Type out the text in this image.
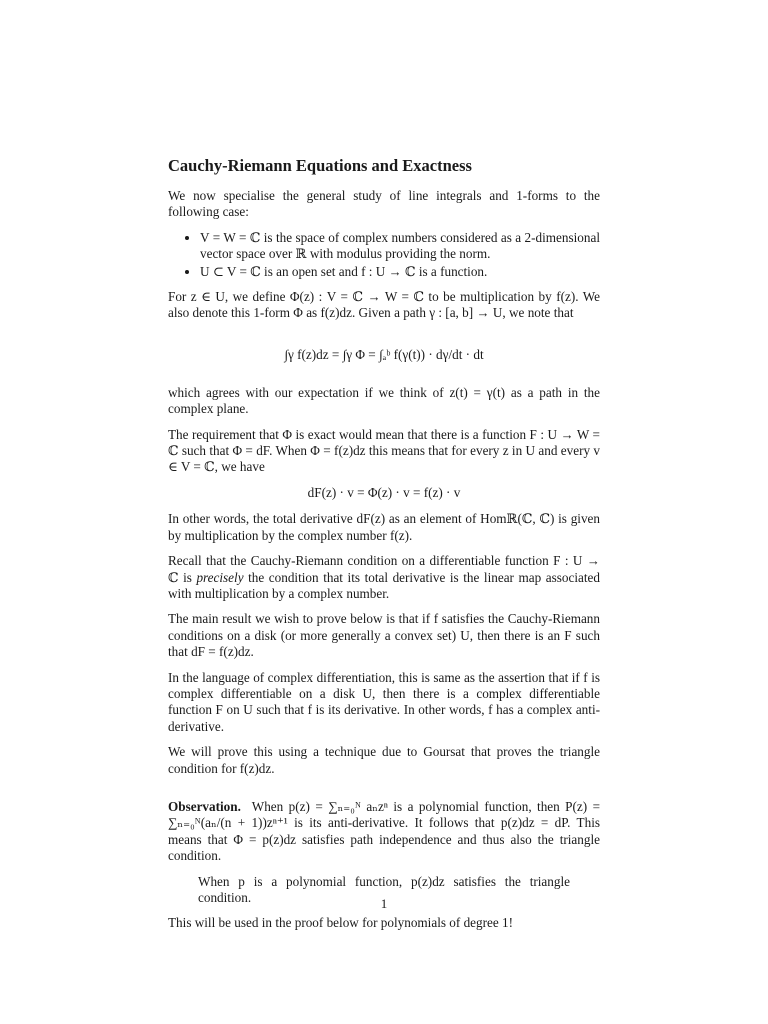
Cauchy-Riemann Equations and Exactness

We now specialise the general study of line integrals and 1-forms to the following case:

• V = W = ℂ is the space of complex numbers considered as a 2-dimensional vector space over ℝ with modulus providing the norm.
• U ⊂ V = ℂ is an open set and f : U → ℂ is a function.

For z ∈ U, we define Φ(z) : V = ℂ → W = ℂ to be multiplication by f(z). We also denote this 1-form Φ as f(z)dz. Given a path γ : [a, b] → U, we note that

∫γ f(z)dz = ∫γ Φ = ∫ₐᵇ f(γ(t)) · dγ/dt · dt

which agrees with our expectation if we think of z(t) = γ(t) as a path in the complex plane.

The requirement that Φ is exact would mean that there is a function F : U → W = ℂ such that Φ = dF. When Φ = f(z)dz this means that for every z in U and every v ∈ V = ℂ, we have

dF(z) · v = Φ(z) · v = f(z) · v

In other words, the total derivative dF(z) as an element of Homℝ(ℂ, ℂ) is given by multiplication by the complex number f(z).

Recall that the Cauchy-Riemann condition on a differentiable function F : U → ℂ is precisely the condition that its total derivative is the linear map associated with multiplication by a complex number.

The main result we wish to prove below is that if f satisfies the Cauchy-Riemann conditions on a disk (or more generally a convex set) U, then there is an F such that dF = f(z)dz.

In the language of complex differentiation, this is same as the assertion that if f is complex differentiable on a disk U, then there is a complex differentiable function F on U such that f is its derivative. In other words, f has a complex anti-derivative.

We will prove this using a technique due to Goursat that proves the triangle condition for f(z)dz.

Observation. When p(z) = ∑ₙ₌₀ᴺ aₙzⁿ is a polynomial function, then P(z) = ∑ₙ₌₀ᴺ(aₙ/(n + 1))zⁿ⁺¹ is its anti-derivative. It follows that p(z)dz = dP. This means that Φ = p(z)dz satisfies path independence and thus also the triangle condition.

When p is a polynomial function, p(z)dz satisfies the triangle condition.

This will be used in the proof below for polynomials of degree 1!

1
